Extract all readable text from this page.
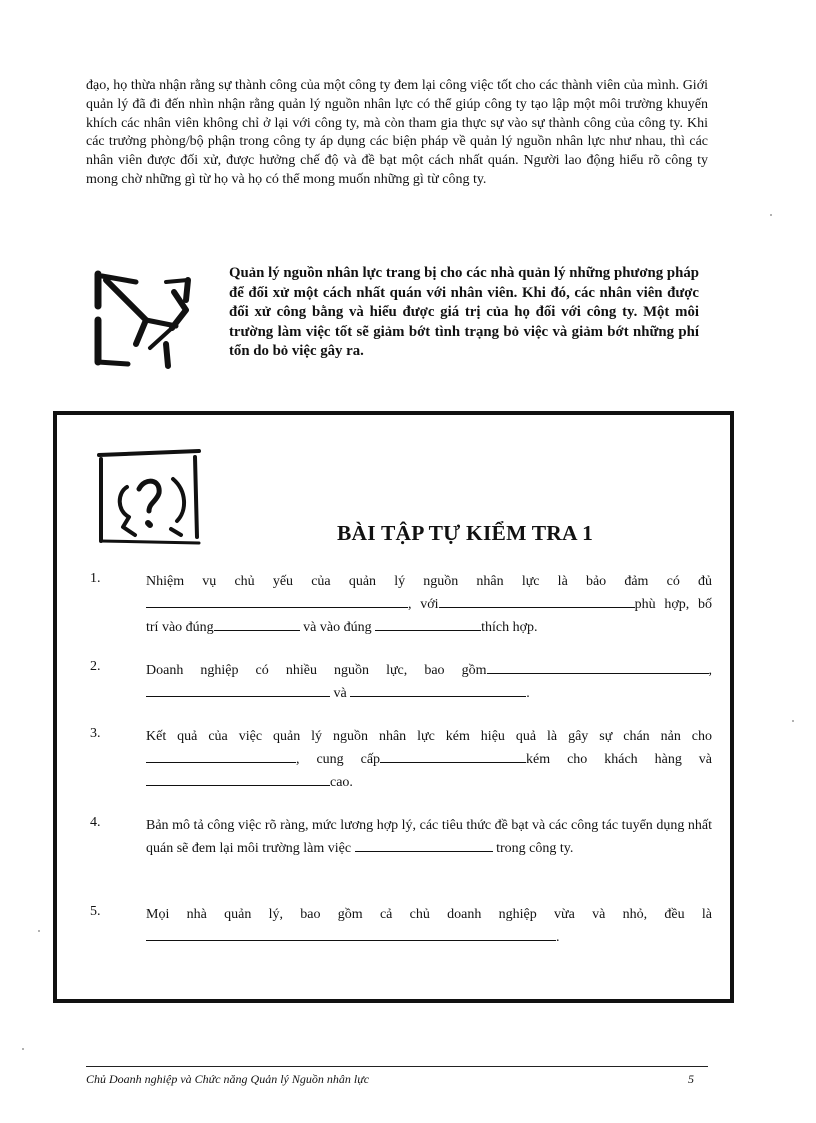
đạo, họ thừa nhận rằng sự thành công của một công ty đem lại công việc tốt cho các thành viên của mình. Giới quản lý đã đi đến nhìn nhận rằng quản lý nguồn nhân lực có thể giúp công ty tạo lập một môi trường khuyến khích các nhân viên không chỉ ở lại với công ty, mà còn tham gia thực sự vào sự thành công của công ty. Khi các trưởng phòng/bộ phận trong công ty áp dụng các biện pháp về quản lý nguồn nhân lực như nhau, thì các nhân viên được đối xử, được hưởng chế độ và đề bạt một cách nhất quán. Người lao động hiểu rõ công ty mong chờ những gì từ họ và họ có thể mong muốn những gì từ công ty.

Quản lý nguồn nhân lực trang bị cho các nhà quản lý những phương pháp để đối xử một cách nhất quán với nhân viên. Khi đó, các nhân viên được đối xử công bằng và hiểu được giá trị của họ đối với công ty. Một môi trường làm việc tốt sẽ giảm bớt tình trạng bỏ việc và giảm bớt những phí tổn do bỏ việc gây ra.

BÀI TẬP TỰ KIỂM TRA 1
1.	Nhiệm vụ chủ yếu của quản lý nguồn nhân lực là bảo đảm có đủ, với	phù hợp, bố trí vào đúng	và vào đúng	thích hợp.
2.	Doanh nghiệp có nhiều nguồn lực, bao gồm	,  và	.
3.	Kết quả của việc quản lý nguồn nhân lực kém hiệu quả là gây sự chán nản cho , cung cấp	kém cho khách hàng và cao.
4.	Bản mô tả công việc rõ ràng, mức lương hợp lý, các tiêu thức đề bạt và các công tác tuyển dụng nhất quán sẽ đem lại môi trường làm việc	trong công ty.
5.	Mọi nhà quản lý, bao gồm cả chủ doanh nghiệp vừa và nhỏ, đều là .
Chủ Doanh nghiệp và Chức năng Quản lý Nguồn nhân lực	5
